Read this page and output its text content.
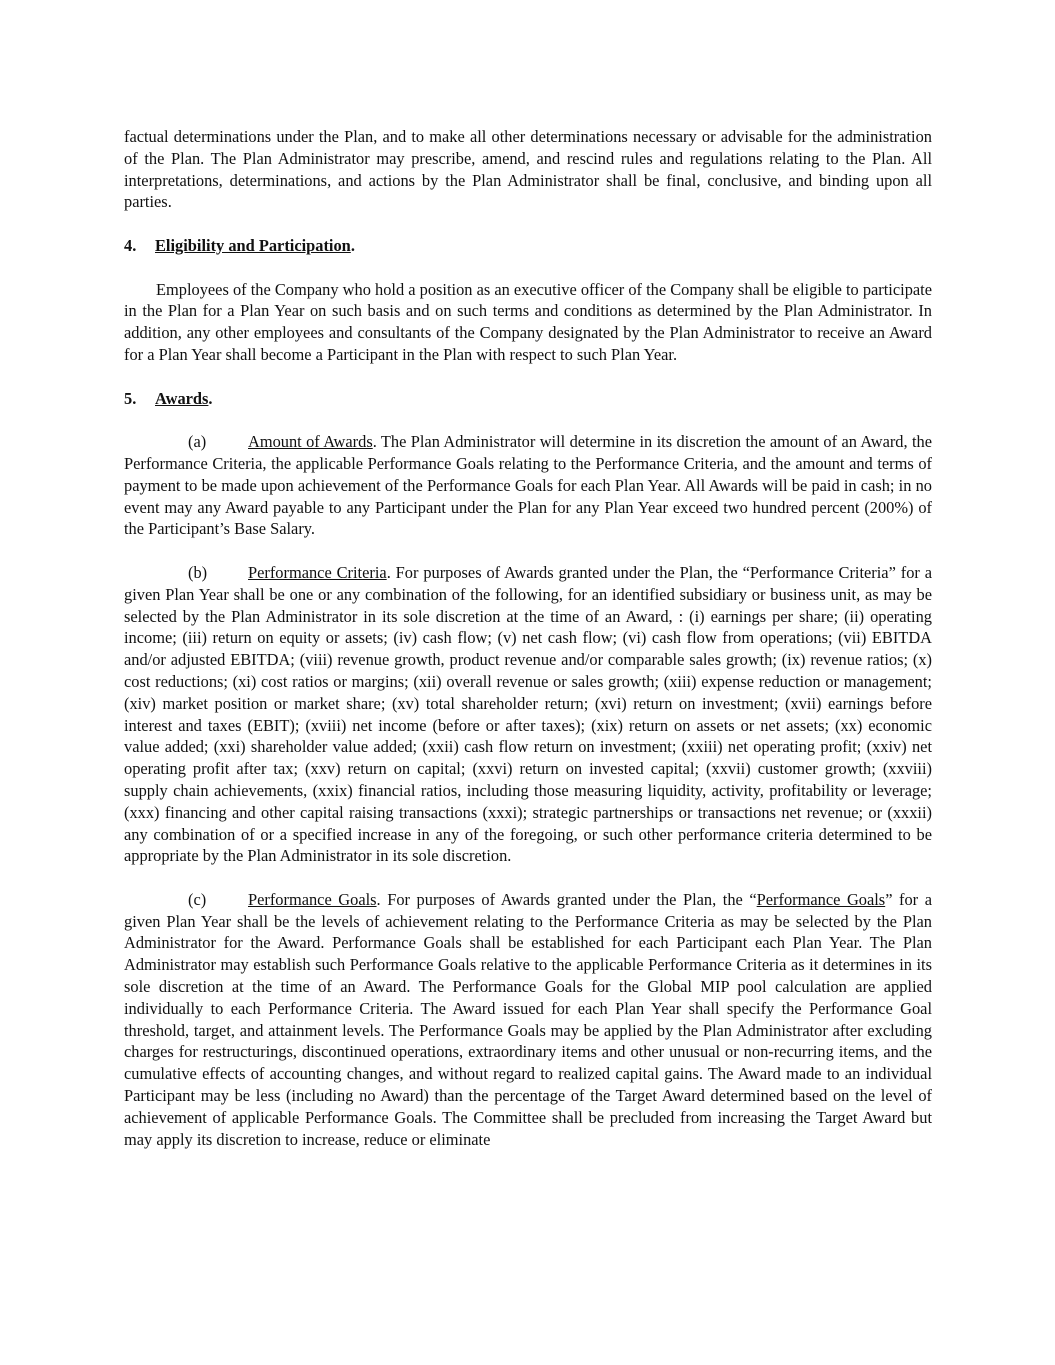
factual determinations under the Plan, and to make all other determinations necessary or advisable for the administration of the Plan. The Plan Administrator may prescribe, amend, and rescind rules and regulations relating to the Plan. All interpretations, determinations, and actions by the Plan Administrator shall be final, conclusive, and binding upon all parties.

4. Eligibility and Participation.

Employees of the Company who hold a position as an executive officer of the Company shall be eligible to participate in the Plan for a Plan Year on such basis and on such terms and conditions as determined by the Plan Administrator. In addition, any other employees and consultants of the Company designated by the Plan Administrator to receive an Award for a Plan Year shall become a Participant in the Plan with respect to such Plan Year.

5. Awards.

(a)	Amount of Awards. The Plan Administrator will determine in its discretion the amount of an Award, the Performance Criteria, the applicable Performance Goals relating to the Performance Criteria, and the amount and terms of payment to be made upon achievement of the Performance Goals for each Plan Year. All Awards will be paid in cash; in no event may any Award payable to any Participant under the Plan for any Plan Year exceed two hundred percent (200%) of the Participant’s Base Salary.

(b) Performance Criteria. For purposes of Awards granted under the Plan, the “Performance Criteria” for a given Plan Year shall be one or any combination of the following, for an identified subsidiary or business unit, as may be selected by the Plan Administrator in its sole discretion at the time of an Award, : (i) earnings per share; (ii) operating income; (iii) return on equity or assets; (iv) cash flow; (v) net cash flow; (vi) cash flow from operations; (vii) EBITDA and/or adjusted EBITDA; (viii) revenue growth, product revenue and/or comparable sales growth; (ix) revenue ratios; (x) cost reductions; (xi) cost ratios or margins; (xii) overall revenue or sales growth; (xiii) expense reduction or management; (xiv) market position or market share; (xv) total shareholder return; (xvi) return on investment; (xvii) earnings before interest and taxes (EBIT); (xviii) net income (before or after taxes); (xix) return on assets or net assets; (xx) economic value added; (xxi) shareholder value added; (xxii) cash flow return on investment; (xxiii) net operating profit; (xxiv) net operating profit after tax; (xxv) return on capital; (xxvi) return on invested capital; (xxvii) customer growth; (xxviii) supply chain achievements, (xxix) financial ratios, including those measuring liquidity, activity, profitability or leverage; (xxx) financing and other capital raising transactions (xxxi); strategic partnerships or transactions net revenue; or (xxxii) any combination of or a specified increase in any of the foregoing, or such other performance criteria determined to be appropriate by the Plan Administrator in its sole discretion.

(c)	Performance Goals. For purposes of Awards granted under the Plan, the “Performance Goals” for a given Plan Year shall be the levels of achievement relating to the Performance Criteria as may be selected by the Plan Administrator for the Award. Performance Goals shall be established for each Participant each Plan Year. The Plan Administrator may establish such Performance Goals relative to the applicable Performance Criteria as it determines in its sole discretion at the time of an Award. The Performance Goals for the Global MIP pool calculation are applied individually to each Performance Criteria. The Award issued for each Plan Year shall specify the Performance Goal threshold, target, and attainment levels. The Performance Goals may be applied by the Plan Administrator after excluding charges for restructurings, discontinued operations, extraordinary items and other unusual or non-recurring items, and the cumulative effects of accounting changes, and without regard to realized capital gains. The Award made to an individual Participant may be less (including no Award) than the percentage of the Target Award determined based on the level of achievement of applicable Performance Goals. The Committee shall be precluded from increasing the Target Award but may apply its discretion to increase, reduce or eliminate
